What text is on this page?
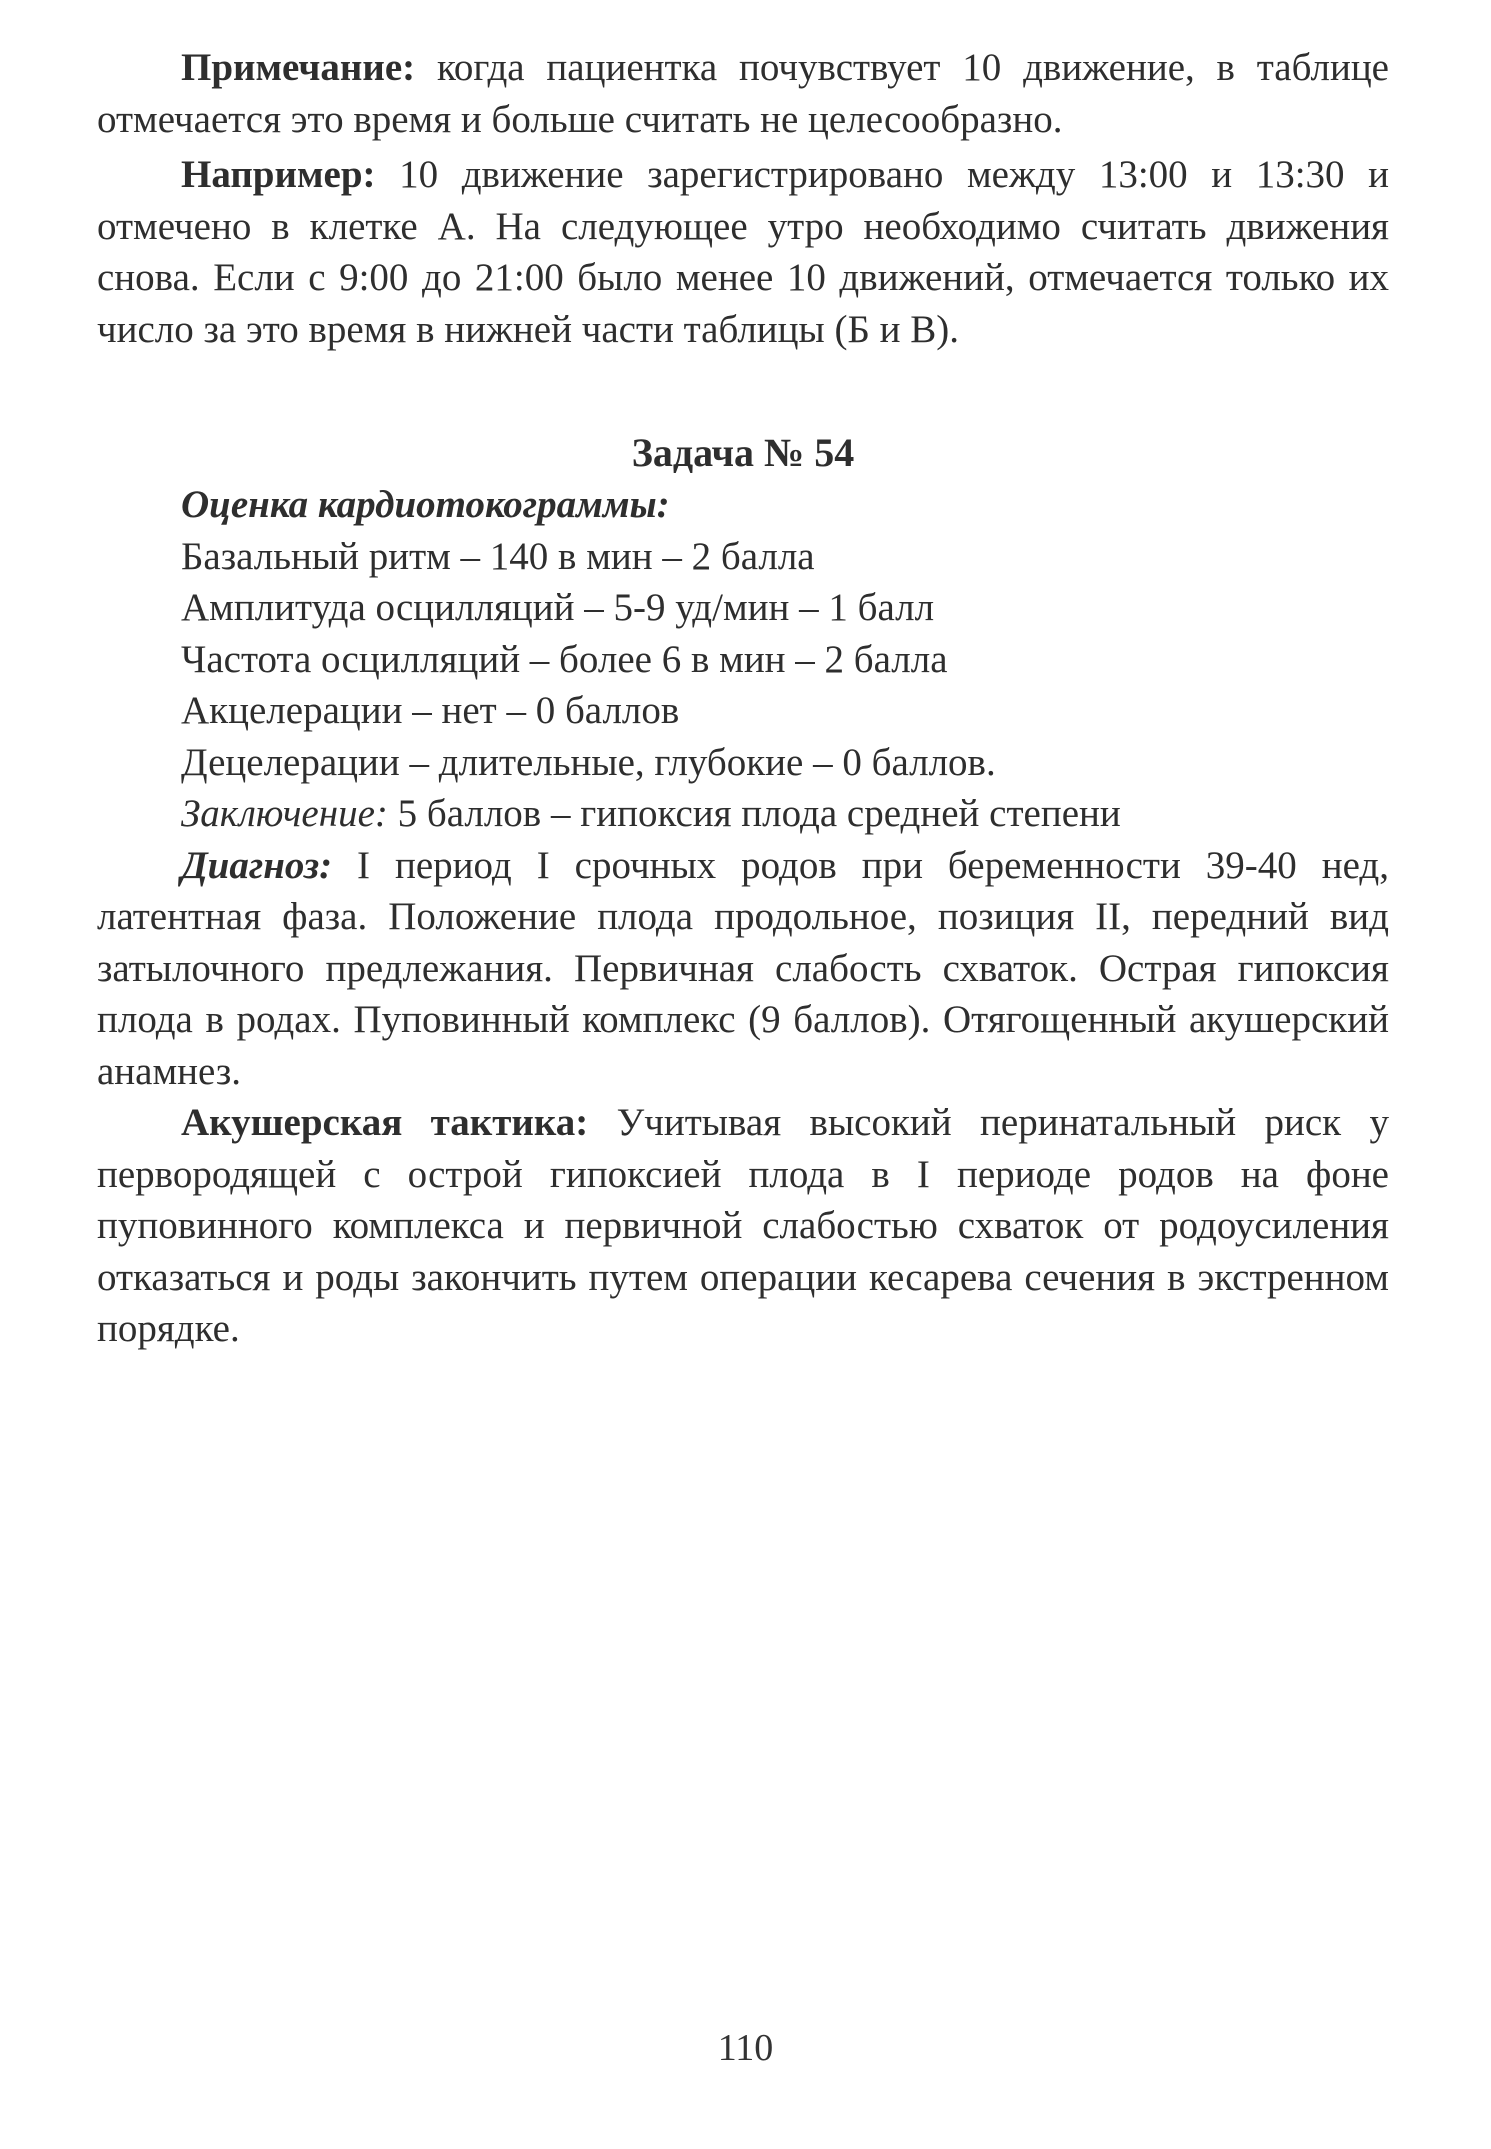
Примечание: когда пациентка почувствует 10 движение, в таблице отмечается это время и больше считать не целесообразно.

Например: 10 движение зарегистрировано между 13:00 и 13:30 и отмечено в клетке А. На следующее утро необходимо считать движения снова. Если с 9:00 до 21:00 было менее 10 движений, отмечается только их число за это время в нижней части таблицы (Б и В).

Задача № 54
Оценка кардиотокограммы:
Базальный ритм – 140 в мин – 2 балла
Амплитуда осцилляций – 5-9 уд/мин – 1 балл
Частота осцилляций – более 6 в мин – 2 балла
Акцелерации – нет – 0 баллов
Децелерации – длительные, глубокие – 0 баллов.
Заключение: 5 баллов – гипоксия плода средней степени

Диагноз: I период I срочных родов при беременности 39-40 нед, латентная фаза. Положение плода продольное, позиция II, передний вид затылочного предлежания. Первичная слабость схваток. Острая гипоксия плода в родах. Пуповинный комплекс (9 баллов). Отягощенный акушерский анамнез.

Акушерская тактика: Учитывая высокий перинатальный риск у первородящей с острой гипоксией плода в I периоде родов на фоне пуповинного комплекса и первичной слабостью схваток от родоусиления отказаться и роды закончить путем операции кесарева сечения в экстренном порядке.

110
